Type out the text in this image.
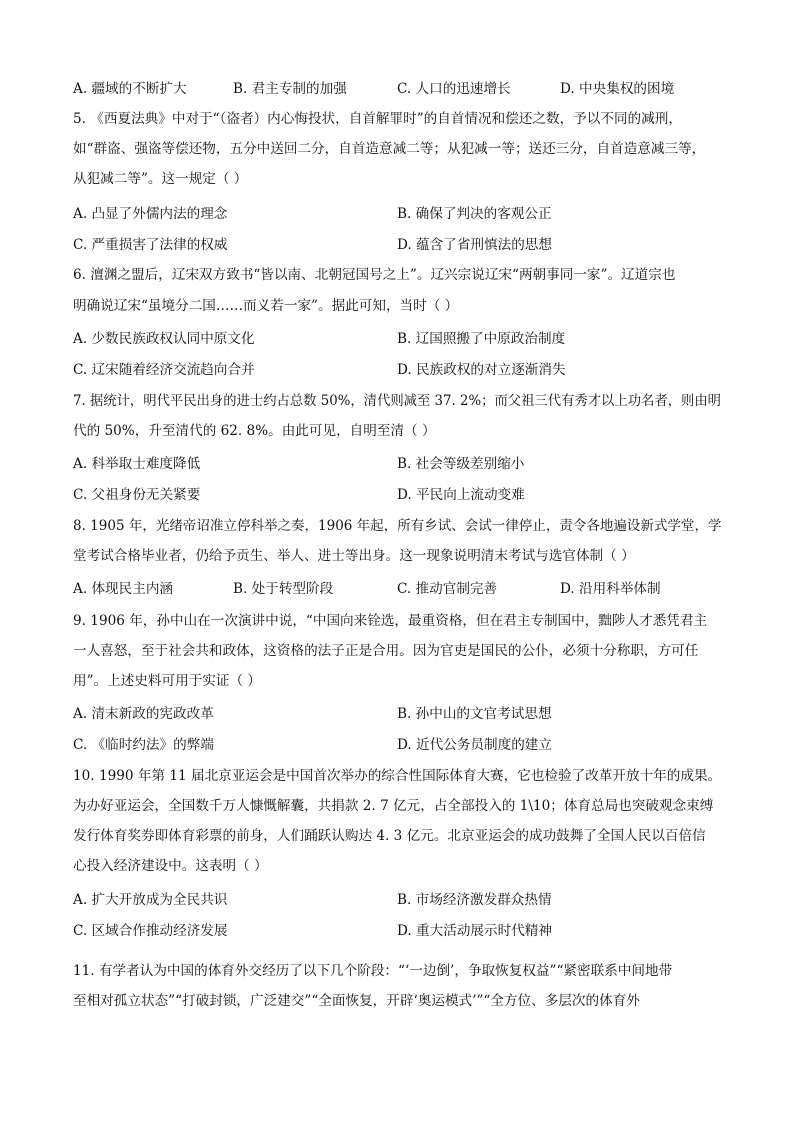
A. 疆域的不断扩大	B. 君主专制的加强	C. 人口的迅速增长	D. 中央集权的困境
5. 《西夏法典》中对于“（盗者）内心悔投状，自首解罪时”的自首情况和偿还之数，予以不同的减刑，
如“群盗、强盗等偿还物，五分中送回二分，自首造意减二等；从犯减一等；送还三分，自首造意减三等，
从犯减二等”。这一规定（ ）
A. 凸显了外儒内法的理念	B. 确保了判决的客观公正
C. 严重损害了法律的权威	D. 蕴含了省刑慎法的思想
6. 澶渊之盟后，辽宋双方致书“皆以南、北朝冠国号之上”。辽兴宗说辽宋“两朝事同一家”。辽道宗也
明确说辽宋“虽境分二国……而义若一家”。据此可知，当时（ ）
A. 少数民族政权认同中原文化	B. 辽国照搬了中原政治制度
C. 辽宋随着经济交流趋向合并	D. 民族政权的对立逐渐消失
7. 据统计，明代平民出身的进士约占总数 50%，清代则减至 37. 2%；而父祖三代有秀才以上功名者，则由明
代的 50%，升至清代的 62. 8%。由此可见，自明至清（ ）
A. 科举取士难度降低	B. 社会等级差别缩小
C. 父祖身份无关紧要	D. 平民向上流动变难
8. 1905 年，光绪帝诏准立停科举之奏，1906 年起，所有乡试、会试一律停止，责令各地遍设新式学堂，学
堂考试合格毕业者，仍给予贡生、举人、进士等出身。这一现象说明清末考试与选官体制（ ）
A. 体现民主内涵	B. 处于转型阶段	C. 推动官制完善	D. 沿用科举体制
9. 1906 年，孙中山在一次演讲中说，“中国向来铨选，最重资格，但在君主专制国中，黜陟人才悉凭君主
一人喜怒，至于社会共和政体，这资格的法子正是合用。因为官吏是国民的公仆，必须十分称职，方可任
用”。上述史料可用于实证（ ）
A. 清末新政的宪政改革	B. 孙中山的文官考试思想
C. 《临时约法》的弊端	D. 近代公务员制度的建立
10. 1990 年第 11 届北京亚运会是中国首次举办的综合性国际体育大赛，它也检验了改革开放十年的成果。
为办好亚运会，全国数千万人慷慨解囊，共捐款 2. 7 亿元，占全部投入的 1\10；体育总局也突破观念束缚
发行体育奖券即体育彩票的前身，人们踊跃认购达 4. 3 亿元。北京亚运会的成功鼓舞了全国人民以百倍信
心投入经济建设中。这表明（ ）
A. 扩大开放成为全民共识	B. 市场经济激发群众热情
C. 区域合作推动经济发展	D. 重大活动展示时代精神
11. 有学者认为中国的体育外交经历了以下几个阶段：“‘一边倒’，争取恢复权益”“紧密联系中间地带
至相对孤立状态”“打破封锁，广泛建交”“全面恢复，开辟‘奥运模式’”“全方位、多层次的体育外
